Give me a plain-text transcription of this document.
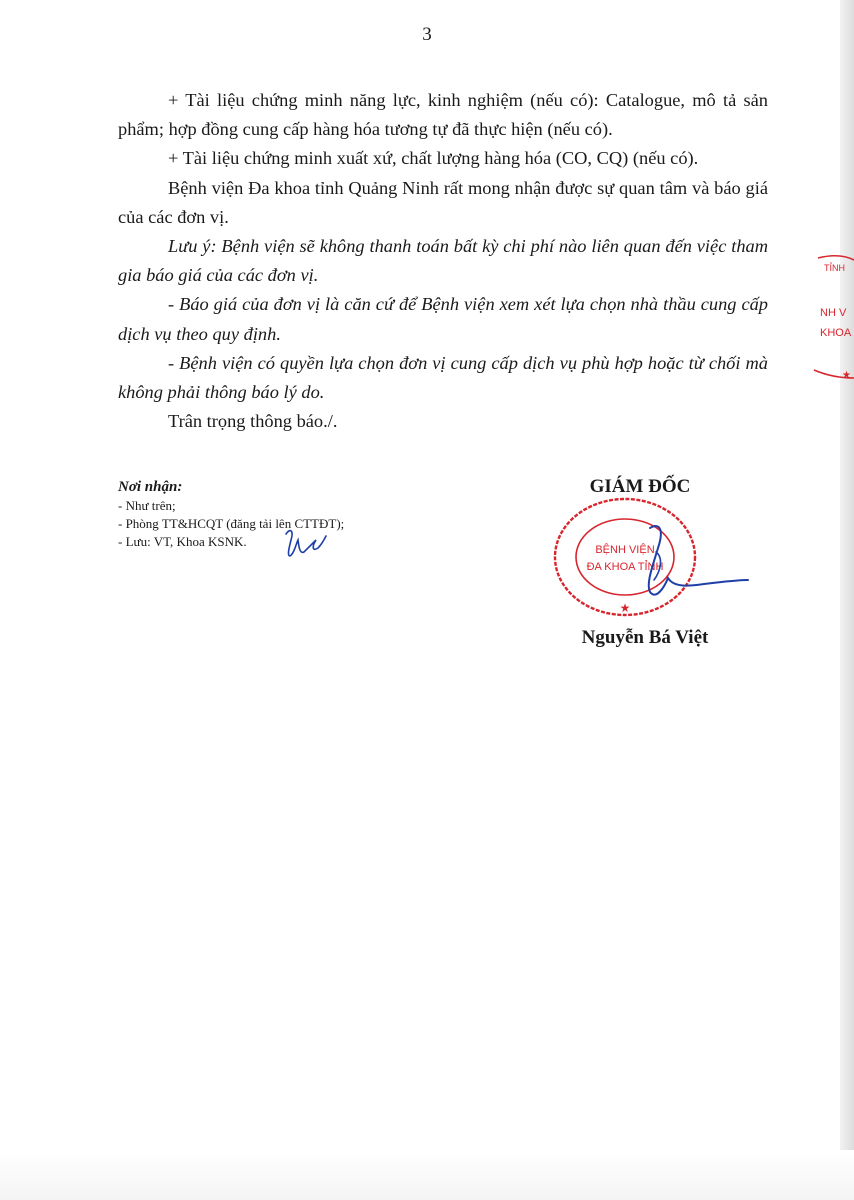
3

+ Tài liệu chứng minh năng lực, kinh nghiệm (nếu có): Catalogue, mô tả sản phẩm; hợp đồng cung cấp hàng hóa tương tự đã thực hiện (nếu có).

+ Tài liệu chứng minh xuất xứ, chất lượng hàng hóa (CO, CQ) (nếu có).

Bệnh viện Đa khoa tỉnh Quảng Ninh rất mong nhận được sự quan tâm và báo giá của các đơn vị.

Lưu ý: Bệnh viện sẽ không thanh toán bất kỳ chi phí nào liên quan đến việc tham gia báo giá của các đơn vị.

- Báo giá của đơn vị là căn cứ để Bệnh viện xem xét lựa chọn nhà thầu cung cấp dịch vụ theo quy định.

- Bệnh viện có quyền lựa chọn đơn vị cung cấp dịch vụ phù hợp hoặc từ chối mà không phải thông báo lý do.

Trân trọng thông báo./.

Nơi nhận:
- Như trên;
- Phòng TT&HCQT (đăng tải lên CTTĐT);
- Lưu: VT, Khoa KSNK.
GIÁM ĐỐC
BỆNH VIỆN
ĐA KHOA TỈNH
★
Nguyễn Bá Việt
TỈNH
NH V
KHOA
★
